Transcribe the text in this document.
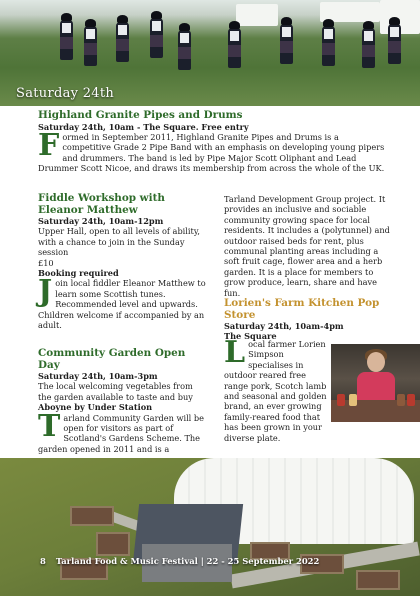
Saturday 24th
Highland Granite Pipes and Drums
Saturday 24th, 10am - The Square. Free entry

Formed in September 2011, Highland Granite Pipes and Drums is a competitive Grade 2 Pipe Band with an emphasis on developing young pipers and drummers. The band is led by Pipe Major Scott Oliphant and Lead Drummer Scott Nicoe, and draws its membership from across the whole of the UK.

Fiddle Workshop with
Eleanor Matthew
Saturday 24th, 10am-12pm

Upper Hall, open to all levels of ability, with a chance to join in the Sunday session

£10

Booking required

Join local fiddler Eleanor Matthew to learn some Scottish tunes. Recommended level and upwards. Children welcome if accompanied by an adult.

Community Garden Open Day
Saturday 24th, 10am-3pm

The local welcoming vegetables from the garden available to taste and buy

Aboyne by Under Station

Tarland Community Garden will be open for visitors as part of Scotland's Gardens Scheme. The garden opened in 2011 and is a

Tarland Development Group project. It provides an inclusive and sociable community growing space for local residents. It includes a (polytunnel) and outdoor raised beds for rent, plus communal planting areas including a soft fruit cage, flower area and a herb garden. It is a place for members to grow produce, learn, share and have fun.

Lorien's Farm Kitchen Pop Store
Saturday 24th, 10am-4pm
The Square

Local farmer Lorien Simpson specialises in outdoor reared free range pork, Scotch lamb and seasonal and golden brand, an ever growing family-reared food that has been grown in your diverse plate.

8 Tarland Food & Music Festival | 22 - 25 September 2022
